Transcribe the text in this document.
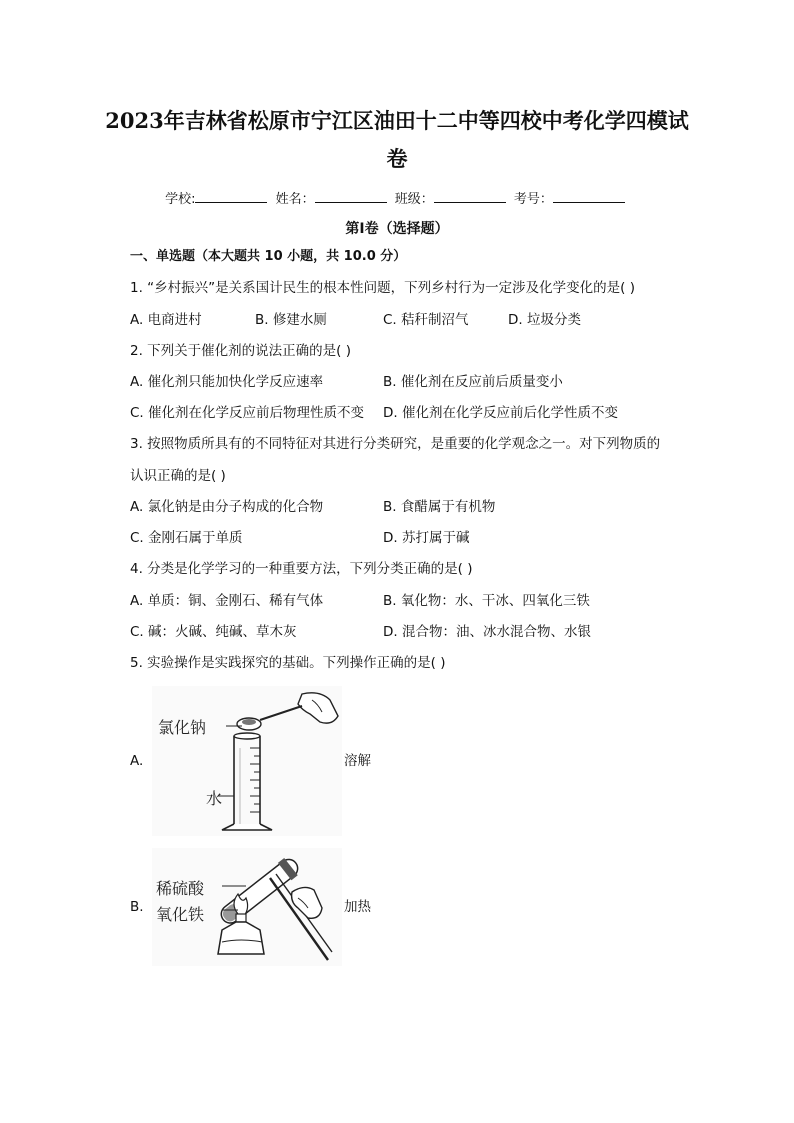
2023年吉林省松原市宁江区油田十二中等四校中考化学四模试
卷
学校:	姓名：	班级：	考号：
第Ⅰ卷（选择题）
一、单选题（本大题共 10 小题，共 10.0 分）
1. “乡村振兴”是关系国计民生的根本性问题，下列乡村行为一定涉及化学变化的是( )
A. 电商进村	B. 修建水厕	C. 秸秆制沼气	D. 垃圾分类
2. 下列关于催化剂的说法正确的是( )
A. 催化剂只能加快化学反应速率	B. 催化剂在反应前后质量变小
C. 催化剂在化学反应前后物理性质不变 D. 催化剂在化学反应前后化学性质不变
3. 按照物质所具有的不同特征对其进行分类研究，是重要的化学观念之一。对下列物质的
认识正确的是( )
A. 氯化钠是由分子构成的化合物	B. 食醋属于有机物
C. 金刚石属于单质	D. 苏打属于碱
4. 分类是化学学习的一种重要方法，下列分类正确的是( )
A. 单质：铜、金刚石、稀有气体	B. 氧化物：水、干冰、四氧化三铁
C. 碱：火碱、纯碱、草木灰	D. 混合物：油、冰水混合物、水银
5. 实验操作是实践探究的基础。下列操作正确的是( )
A.
氯化钠
水
溶解
B.
稀硫酸
氧化铁	加热
